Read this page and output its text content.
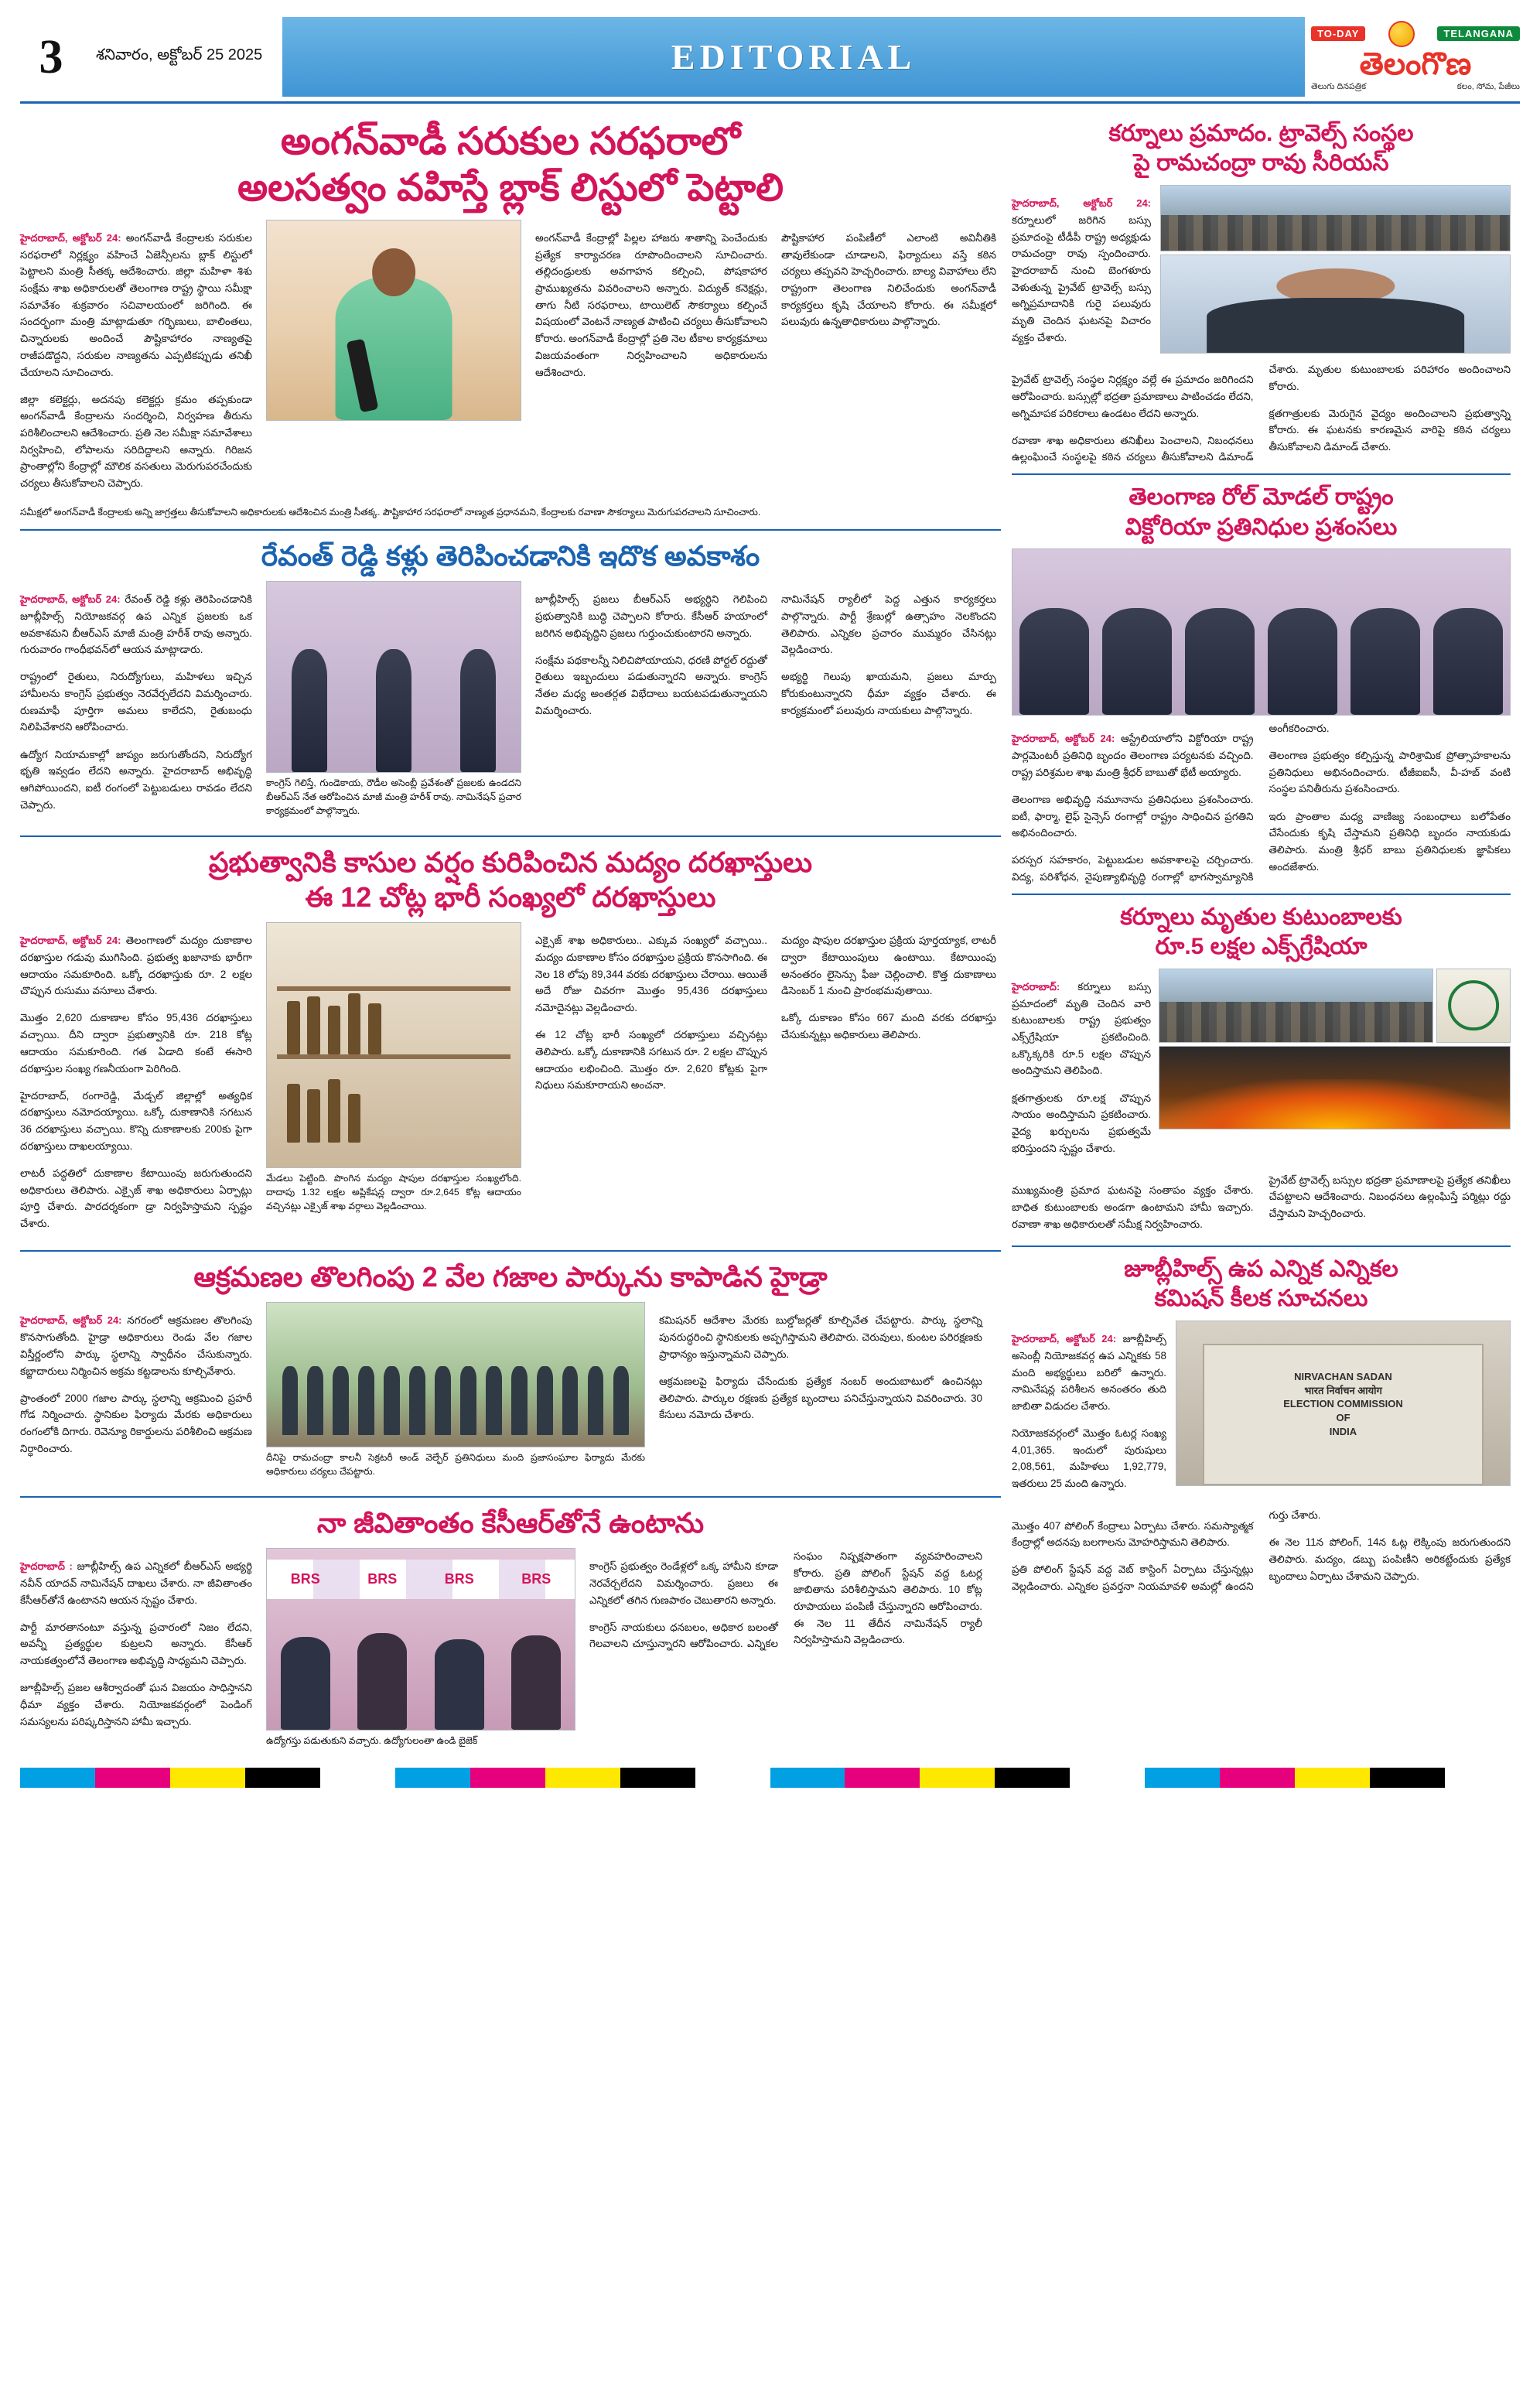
3	శనివారం, అక్టోబర్ 25 2025	EDITORIAL
TO-DAY	TELANGANA
తెలంగొణ
తెలుగు దినపత్రిక	కలం, సోమ, పేజీలు
అంగన్‌వాడీ సరుకుల సరఫరాలో
అలసత్వం వహిస్తే బ్లాక్ లిస్టులో పెట్టాలి

హైదరాబాద్, అక్టోబర్ 24: అంగన్‌వాడీ కేంద్రాలకు సరుకుల సరఫరాలో నిర్లక్ష్యం వహించే ఏజెన్సీలను బ్లాక్ లిస్టులో పెట్టాలని మంత్రి సీతక్క ఆదేశించారు. జిల్లా మహిళా శిశు సంక్షేమ శాఖ అధికారులతో తెలంగాణ రాష్ట్ర స్థాయి సమీక్షా సమావేశం శుక్రవారం సచివాలయంలో జరిగింది. ఈ సందర్భంగా మంత్రి మాట్లాడుతూ గర్భిణులు, బాలింతలు, చిన్నారులకు అందించే పౌష్టికాహారం నాణ్యతపై రాజీపడొద్దని, సరుకుల నాణ్యతను ఎప్పటికప్పుడు తనిఖీ చేయాలని సూచించారు.

జిల్లా కలెక్టర్లు, అదనపు కలెక్టర్లు క్రమం తప్పకుండా అంగన్‌వాడీ కేంద్రాలను సందర్శించి, నిర్వహణ తీరును పరిశీలించాలని ఆదేశించారు. ప్రతి నెల సమీక్షా సమావేశాలు నిర్వహించి, లోపాలను సరిదిద్దాలని అన్నారు. గిరిజన ప్రాంతాల్లోని కేంద్రాల్లో మౌలిక వసతులు మెరుగుపరచేందుకు చర్యలు తీసుకోవాలని చెప్పారు.

అంగన్‌వాడీ కేంద్రాల్లో పిల్లల హాజరు శాతాన్ని పెంచేందుకు ప్రత్యేక కార్యాచరణ రూపొందించాలని సూచించారు. తల్లిదండ్రులకు అవగాహన కల్పించి, పోషకాహార ప్రాముఖ్యతను వివరించాలని అన్నారు. విద్యుత్ కనెక్షన్లు, తాగు నీటి సరఫరాలు, టాయిలెట్ సౌకర్యాలు కల్పించే విషయంలో వెంటనే నాణ్యత పాటించి చర్యలు తీసుకోవాలని కోరారు. అంగన్‌వాడీ కేంద్రాల్లో ప్రతి నెల టీకాల కార్యక్రమాలు విజయవంతంగా నిర్వహించాలని అధికారులను ఆదేశించారు.

పౌష్టికాహార పంపిణీలో ఎలాంటి అవినీతికి తావులేకుండా చూడాలని, ఫిర్యాదులు వస్తే కఠిన చర్యలు తప్పవని హెచ్చరించారు. బాల్య వివాహాలు లేని రాష్ట్రంగా తెలంగాణ నిలిచేందుకు అంగన్‌వాడీ కార్యకర్తలు కృషి చేయాలని కోరారు. ఈ సమీక్షలో పలువురు ఉన్నతాధికారులు పాల్గొన్నారు.

సమీక్షలో అంగన్‌వాడీ కేంద్రాలకు అన్ని జాగ్రత్తలు తీసుకోవాలని అధికారులకు ఆదేశించిన మంత్రి సీతక్క. పౌష్టికాహార సరఫరాలో నాణ్యత ప్రధానమని, కేంద్రాలకు రవాణా సౌకర్యాలు మెరుగుపరచాలని సూచించారు.

రేవంత్ రెడ్డి కళ్లు తెరిపించడానికి ఇదొక అవకాశం

హైదరాబాద్, అక్టోబర్ 24: రేవంత్ రెడ్డి కళ్లు తెరిపించడానికి జూబ్లీహిల్స్ నియోజకవర్గ ఉప ఎన్నిక ప్రజలకు ఒక అవకాశమని బీఆర్ఎస్ మాజీ మంత్రి హరీశ్ రావు అన్నారు. గురువారం గాంధీభవన్‌లో ఆయన మాట్లాడారు.

రాష్ట్రంలో రైతులు, నిరుద్యోగులు, మహిళలు ఇచ్చిన హామీలను కాంగ్రెస్ ప్రభుత్వం నెరవేర్చలేదని విమర్శించారు. రుణమాఫీ పూర్తిగా అమలు కాలేదని, రైతుబంధు నిలిపివేశారని ఆరోపించారు.

ఉద్యోగ నియామకాల్లో జాప్యం జరుగుతోందని, నిరుద్యోగ భృతి ఇవ్వడం లేదని అన్నారు. హైదరాబాద్ అభివృద్ధి ఆగిపోయిందని, ఐటీ రంగంలో పెట్టుబడులు రావడం లేదని చెప్పారు.

కాంగ్రెస్ గెలిస్తే, గుండెకాయ, రౌడీల అసెంబ్లీ ప్రవేశంతో ప్రజలకు ఉండదని బీఆర్ఎస్ నేత ఆరోపించిన మాజీ మంత్రి హరీశ్ రావు. నామినేషన్ ప్రచార కార్యక్రమంలో పాల్గొన్నారు.

జూబ్లీహిల్స్ ప్రజలు బీఆర్ఎస్ అభ్యర్థిని గెలిపించి ప్రభుత్వానికి బుద్ధి చెప్పాలని కోరారు. కేసీఆర్ హయాంలో జరిగిన అభివృద్ధిని ప్రజలు గుర్తుంచుకుంటారని అన్నారు.

సంక్షేమ పథకాలన్నీ నిలిచిపోయాయని, ధరణి పోర్టల్ రద్దుతో రైతులు ఇబ్బందులు పడుతున్నారని అన్నారు. కాంగ్రెస్ నేతల మధ్య అంతర్గత విభేదాలు బయటపడుతున్నాయని విమర్శించారు.

నామినేషన్ ర్యాలీలో పెద్ద ఎత్తున కార్యకర్తలు పాల్గొన్నారు. పార్టీ శ్రేణుల్లో ఉత్సాహం నెలకొందని తెలిపారు. ఎన్నికల ప్రచారం ముమ్మరం చేసినట్లు వెల్లడించారు.

అభ్యర్థి గెలుపు ఖాయమని, ప్రజలు మార్పు కోరుకుంటున్నారని ధీమా వ్యక్తం చేశారు. ఈ కార్యక్రమంలో పలువురు నాయకులు పాల్గొన్నారు.

ప్రభుత్వానికి కాసుల వర్షం కురిపించిన మద్యం దరఖాస్తులు
ఈ 12 చోట్ల భారీ సంఖ్యలో దరఖాస్తులు

హైదరాబాద్, అక్టోబర్ 24: తెలంగాణలో మద్యం దుకాణాల దరఖాస్తుల గడువు ముగిసింది. ప్రభుత్వ ఖజానాకు భారీగా ఆదాయం సమకూరింది. ఒక్కో దరఖాస్తుకు రూ. 2 లక్షల చొప్పున రుసుము వసూలు చేశారు.

మొత్తం 2,620 దుకాణాల కోసం 95,436 దరఖాస్తులు వచ్చాయి. దీని ద్వారా ప్రభుత్వానికి రూ. 218 కోట్ల ఆదాయం సమకూరింది. గత ఏడాది కంటే ఈసారి దరఖాస్తుల సంఖ్య గణనీయంగా పెరిగింది.

హైదరాబాద్, రంగారెడ్డి, మేడ్చల్ జిల్లాల్లో అత్యధిక దరఖాస్తులు నమోదయ్యాయి. ఒక్కో దుకాణానికి సగటున 36 దరఖాస్తులు వచ్చాయి. కొన్ని దుకాణాలకు 200కు పైగా దరఖాస్తులు దాఖలయ్యాయి.

లాటరీ పద్ధతిలో దుకాణాల కేటాయింపు జరుగుతుందని అధికారులు తెలిపారు. ఎక్సైజ్ శాఖ అధికారులు ఏర్పాట్లు పూర్తి చేశారు. పారదర్శకంగా డ్రా నిర్వహిస్తామని స్పష్టం చేశారు.

మేడలు పెట్టింది. పొంగిన మద్యం షాపుల దరఖాస్తుల సంఖ్యలోంది. దాదాపు 1.32 లక్షల అప్లికేషన్ల ద్వారా రూ.2,645 కోట్ల ఆదాయం వచ్చినట్లు ఎక్సైజ్ శాఖ వర్గాలు వెల్లడించాయి.

ఎక్సైజ్ శాఖ అధికారులు.. ఎక్కువ సంఖ్యలో వచ్చాయి.. మద్యం దుకాణాల కోసం దరఖాస్తుల ప్రక్రియ కొనసాగింది. ఈ నెల 18 లోపు 89,344 వరకు దరఖాస్తులు చేరాయి. ఆయితే అదే రోజు చివరగా మొత్తం 95,436 దరఖాస్తులు నమోదైనట్లు వెల్లడించారు.

ఈ 12 చోట్ల భారీ సంఖ్యలో దరఖాస్తులు వచ్చినట్లు తెలిపారు. ఒక్కో దుకాణానికి సగటున రూ. 2 లక్షల చొప్పున ఆదాయం లభించింది. మొత్తం రూ. 2,620 కోట్లకు పైగా నిధులు సమకూరాయని అంచనా.

మద్యం షాపుల దరఖాస్తుల ప్రక్రియ పూర్తయ్యాక, లాటరీ ద్వారా కేటాయింపులు ఉంటాయి. కేటాయింపు అనంతరం లైసెన్సు ఫీజు చెల్లించాలి. కొత్త దుకాణాలు డిసెంబర్ 1 నుంచి ప్రారంభమవుతాయి.

ఒక్కో దుకాణం కోసం 667 మంది వరకు దరఖాస్తు చేసుకున్నట్లు అధికారులు తెలిపారు.

ఆక్రమణల తొలగింపు 2 వేల గజాల పార్కును కాపాడిన హైడ్రా

హైదరాబాద్, అక్టోబర్ 24: నగరంలో ఆక్రమణల తొలగింపు కొనసాగుతోంది. హైడ్రా అధికారులు రెండు వేల గజాల విస్తీర్ణంలోని పార్కు స్థలాన్ని స్వాధీనం చేసుకున్నారు. కబ్జాదారులు నిర్మించిన అక్రమ కట్టడాలను కూల్చివేశారు.

ప్రాంతంలో 2000 గజాల పార్కు స్థలాన్ని ఆక్రమించి ప్రహరీ గోడ నిర్మించారు. స్థానికుల ఫిర్యాదు మేరకు అధికారులు రంగంలోకి దిగారు. రెవెన్యూ రికార్డులను పరిశీలించి ఆక్రమణ నిర్ధారించారు.

దీనిపై రామచంద్రా కాలనీ సెక్రటరీ అండ్ వెల్ఫేర్ ప్రతినిధులు మంది ప్రజాసంఘాల ఫిర్యాదు మేరకు అధికారులు చర్యలు చేపట్టారు.

కమిషనర్ ఆదేశాల మేరకు బుల్డోజర్లతో కూల్చివేత చేపట్టారు. పార్కు స్థలాన్ని పునరుద్ధరించి స్థానికులకు అప్పగిస్తామని తెలిపారు. చెరువులు, కుంటల పరిరక్షణకు ప్రాధాన్యం ఇస్తున్నామని చెప్పారు.

ఆక్రమణలపై ఫిర్యాదు చేసేందుకు ప్రత్యేక నంబర్ అందుబాటులో ఉంచినట్లు తెలిపారు. పార్కుల రక్షణకు ప్రత్యేక బృందాలు పనిచేస్తున్నాయని వివరించారు. 30 కేసులు నమోదు చేశారు.

నా జీవితాంతం కేసీఆర్‌తోనే ఉంటాను

హైదరాబాద్ : జూబ్లీహిల్స్ ఉప ఎన్నికలో బీఆర్ఎస్ అభ్యర్థి నవీన్ యాదవ్ నామినేషన్ దాఖలు చేశారు. నా జీవితాంతం కేసీఆర్‌తోనే ఉంటానని ఆయన స్పష్టం చేశారు.

పార్టీ మారతానంటూ వస్తున్న ప్రచారంలో నిజం లేదని, అవన్నీ ప్రత్యర్థుల కుట్రలని అన్నారు. కేసీఆర్ నాయకత్వంలోనే తెలంగాణ అభివృద్ధి సాధ్యమని చెప్పారు.

జూబ్లీహిల్స్ ప్రజల ఆశీర్వాదంతో ఘన విజయం సాధిస్తానని ధీమా వ్యక్తం చేశారు. నియోజకవర్గంలో పెండింగ్ సమస్యలను పరిష్కరిస్తానని హామీ ఇచ్చారు.

BRS	BRS	BRS	BRS

ఉద్యోగస్తు పడుతుకుని వచ్చారు. ఉద్యోగులంతా ఉండి బైజెక్

కాంగ్రెస్ ప్రభుత్వం రెండేళ్లలో ఒక్క హామీని కూడా నెరవేర్చలేదని విమర్శించారు. ప్రజలు ఈ ఎన్నికలో తగిన గుణపాఠం చెబుతారని అన్నారు.

కాంగ్రెస్ నాయకులు ధనబలం, అధికార బలంతో గెలవాలని చూస్తున్నారని ఆరోపించారు. ఎన్నికల సంఘం నిష్పక్షపాతంగా వ్యవహరించాలని కోరారు. ప్రతి పోలింగ్ స్టేషన్ వద్ద ఓటర్ల జాబితాను పరిశీలిస్తామని తెలిపారు. 10 కోట్ల రూపాయలు పంపిణీ చేస్తున్నారని ఆరోపించారు. ఈ నెల 11 తేదీన నామినేషన్ ర్యాలీ నిర్వహిస్తామని వెల్లడించారు.

కర్నూలు ప్రమాదం. ట్రావెల్స్ సంస్థల
పై రామచంద్రా రావు సీరియస్

హైదరాబాద్, అక్టోబర్ 24: కర్నూలులో జరిగిన బస్సు ప్రమాదంపై టీడీపీ రాష్ట్ర అధ్యక్షుడు రామచంద్రా రావు స్పందించారు. హైదరాబాద్ నుంచి బెంగళూరు వెళుతున్న ప్రైవేట్ ట్రావెల్స్ బస్సు అగ్నిప్రమాదానికి గురై పలువురు మృతి చెందిన ఘటనపై విచారం వ్యక్తం చేశారు.

ప్రైవేట్ ట్రావెల్స్ సంస్థల నిర్లక్ష్యం వల్లే ఈ ప్రమాదం జరిగిందని ఆరోపించారు. బస్సుల్లో భద్రతా ప్రమాణాలు పాటించడం లేదని, అగ్నిమాపక పరికరాలు ఉండటం లేదని అన్నారు.

రవాణా శాఖ అధికారులు తనిఖీలు పెంచాలని, నిబంధనలు ఉల్లంఘించే సంస్థలపై కఠిన చర్యలు తీసుకోవాలని డిమాండ్ చేశారు. మృతుల కుటుంబాలకు పరిహారం అందించాలని కోరారు.

క్షతగాత్రులకు మెరుగైన వైద్యం అందించాలని ప్రభుత్వాన్ని కోరారు. ఈ ఘటనకు కారణమైన వారిపై కఠిన చర్యలు తీసుకోవాలని డిమాండ్ చేశారు.

తెలంగాణ రోల్ మోడల్ రాష్ట్రం
విక్టోరియా ప్రతినిధుల ప్రశంసలు

హైదరాబాద్, అక్టోబర్ 24: ఆస్ట్రేలియాలోని విక్టోరియా రాష్ట్ర పార్లమెంటరీ ప్రతినిధి బృందం తెలంగాణ పర్యటనకు వచ్చింది. రాష్ట్ర పరిశ్రమల శాఖ మంత్రి శ్రీధర్ బాబుతో భేటీ అయ్యారు.

తెలంగాణ అభివృద్ధి నమూనాను ప్రతినిధులు ప్రశంసించారు. ఐటీ, ఫార్మా, లైఫ్ సైన్సెస్ రంగాల్లో రాష్ట్రం సాధించిన ప్రగతిని అభినందించారు.

పరస్పర సహకారం, పెట్టుబడుల అవకాశాలపై చర్చించారు. విద్య, పరిశోధన, నైపుణ్యాభివృద్ధి రంగాల్లో భాగస్వామ్యానికి అంగీకరించారు.

తెలంగాణ ప్రభుత్వం కల్పిస్తున్న పారిశ్రామిక ప్రోత్సాహకాలను ప్రతినిధులు అభినందించారు. టీజీఐఐసీ, వీ-హబ్ వంటి సంస్థల పనితీరును ప్రశంసించారు.

ఇరు ప్రాంతాల మధ్య వాణిజ్య సంబంధాలు బలోపేతం చేసేందుకు కృషి చేస్తామని ప్రతినిధి బృందం నాయకుడు తెలిపారు. మంత్రి శ్రీధర్ బాబు ప్రతినిధులకు జ్ఞాపికలు అందజేశారు.

కర్నూలు మృతుల కుటుంబాలకు
రూ.5 లక్షల ఎక్స్‌గ్రేషియా

హైదరాబాద్: కర్నూలు బస్సు ప్రమాదంలో మృతి చెందిన వారి కుటుంబాలకు రాష్ట్ర ప్రభుత్వం ఎక్స్‌గ్రేషియా ప్రకటించింది. ఒక్కొక్కరికి రూ.5 లక్షల చొప్పున అందిస్తామని తెలిపింది.

క్షతగాత్రులకు రూ.లక్ష చొప్పున సాయం అందిస్తామని ప్రకటించారు. వైద్య ఖర్చులను ప్రభుత్వమే భరిస్తుందని స్పష్టం చేశారు.

ముఖ్యమంత్రి ప్రమాద ఘటనపై సంతాపం వ్యక్తం చేశారు. బాధిత కుటుంబాలకు అండగా ఉంటామని హామీ ఇచ్చారు. రవాణా శాఖ అధికారులతో సమీక్ష నిర్వహించారు.

ప్రైవేట్ ట్రావెల్స్ బస్సుల భద్రతా ప్రమాణాలపై ప్రత్యేక తనిఖీలు చేపట్టాలని ఆదేశించారు. నిబంధనలు ఉల్లంఘిస్తే పర్మిట్లు రద్దు చేస్తామని హెచ్చరించారు.

జూబ్లీహిల్స్ ఉప ఎన్నిక ఎన్నికల
కమిషన్ కీలక సూచనలు

హైదరాబాద్, అక్టోబర్ 24: జూబ్లీహిల్స్ అసెంబ్లీ నియోజకవర్గ ఉప ఎన్నికకు 58 మంది అభ్యర్థులు బరిలో ఉన్నారు. నామినేషన్ల పరిశీలన అనంతరం తుది జాబితా విడుదల చేశారు.

నియోజకవర్గంలో మొత్తం ఓటర్ల సంఖ్య 4,01,365. ఇందులో పురుషులు 2,08,561, మహిళలు 1,92,779, ఇతరులు 25 మంది ఉన్నారు.

NIRVACHAN SADAN
भारत निर्वाचन आयोग
ELECTION COMMISSION
OF
INDIA

మొత్తం 407 పోలింగ్ కేంద్రాలు ఏర్పాటు చేశారు. సమస్యాత్మక కేంద్రాల్లో అదనపు బలగాలను మోహరిస్తామని తెలిపారు.

ప్రతి పోలింగ్ స్టేషన్ వద్ద వెబ్ కాస్టింగ్ ఏర్పాటు చేస్తున్నట్లు వెల్లడించారు. ఎన్నికల ప్రవర్తనా నియమావళి అమల్లో ఉందని గుర్తు చేశారు.

ఈ నెల 11న పోలింగ్, 14న ఓట్ల లెక్కింపు జరుగుతుందని తెలిపారు. మద్యం, డబ్బు పంపిణీని అరికట్టేందుకు ప్రత్యేక బృందాలు ఏర్పాటు చేశామని చెప్పారు.
